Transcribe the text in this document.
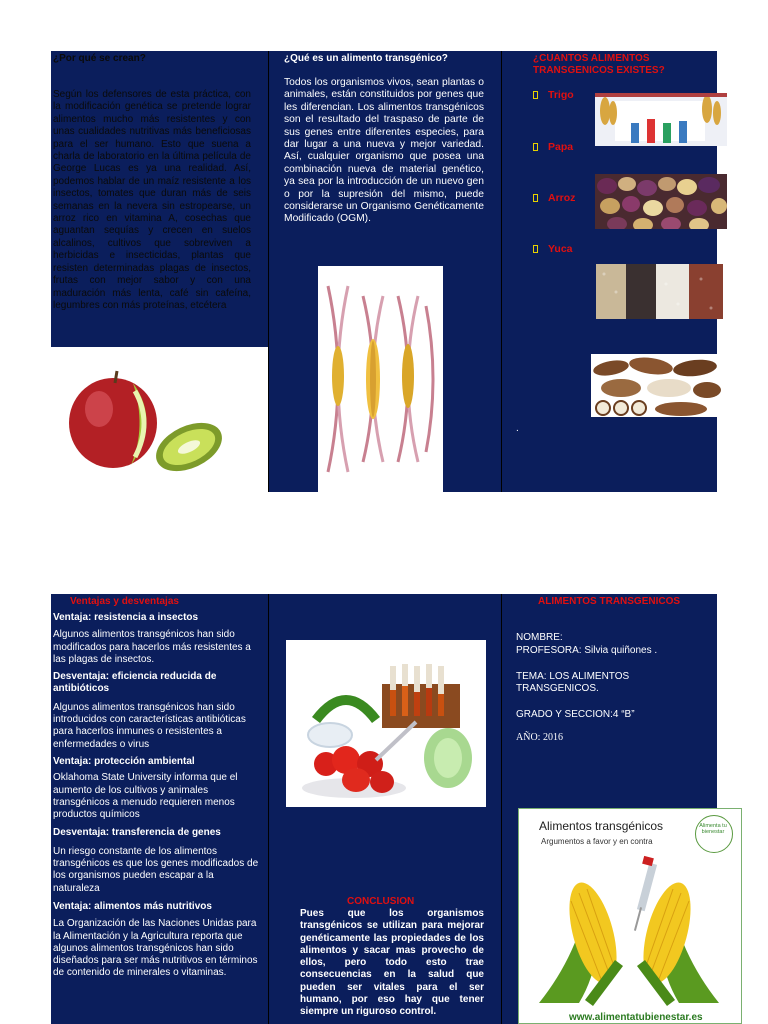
¿Por qué se crean?
Según los defensores de esta práctica, con la modificación genética se pretende lograr alimentos mucho más resistentes y con unas cualidades nutritivas más beneficiosas para el ser humano. Esto que suena a charla de laboratorio en la última película de George Lucas es ya una realidad. Así, podemos hablar de un maíz resistente a los insectos, tomates que duran más de seis semanas en la nevera sin estropearse, un arroz rico en vitamina A, cosechas que aguantan sequías y crecen en suelos alcalinos, cultivos que sobreviven a herbicidas e insecticidas, plantas que resisten determinadas plagas de insectos, frutas con mejor sabor y con una maduración más lenta, café sin cafeína, legumbres con más proteínas, etcétera
¿Qué es un alimento transgénico?
Todos los organismos vivos, sean plantas o animales, están constituidos por genes que les diferencian. Los alimentos transgénicos son el resultado del traspaso de parte de sus genes entre diferentes especies, para dar lugar a una nueva y mejor variedad. Así, cualquier organismo que posea una combinación nueva de material genético, ya sea por la introducción de un nuevo gen o por la supresión del mismo, puede considerarse un Organismo Genéticamente Modificado (OGM).
¿CUANTOS ALIMENTOS
TRANSGENICOS EXISTES?
Trigo
Papa
Arroz
Yuca
.
Ventajas y desventajas

Ventaja: resistencia a insectos

Algunos alimentos transgénicos han sido modificados para hacerlos más resistentes a las plagas de insectos.

Desventaja: eficiencia reducida de antibióticos

Algunos alimentos transgénicos han sido introducidos con características antibióticas para hacerlos inmunes o resistentes a enfermedades o virus

Ventaja: protección ambiental

Oklahoma State University informa que el aumento de los cultivos y animales transgénicos a menudo requieren menos productos químicos

Desventaja: transferencia de genes

Un riesgo constante de los alimentos transgénicos es que los genes modificados de los organismos pueden escapar a la naturaleza

Ventaja: alimentos más nutritivos

La Organización de las Naciones Unidas para la Alimentación y la Agricultura reporta que algunos alimentos transgénicos han sido diseñados para ser más nutritivos en términos de contenido de minerales o vitaminas.

CONCLUSION
Pues que los organismos transgénicos se utilizan para mejorar genéticamente las propiedades de los alimentos y sacar mas provecho de ellos, pero todo esto trae consecuencias en la salud que pueden ser vitales para el ser humano, por eso hay que tener siempre un riguroso control.
ALIMENTOS TRANSGENICOS
NOMBRE:
PROFESORA: Silvia quiñones .
TEMA: LOS ALIMENTOS
TRANSGENICOS.
GRADO Y SECCION:4 “B”
AÑO: 2016
Alimentos transgénicos
Argumentos a favor y en contra
Alimenta tu bienestar
www.alimentatubienestar.es
